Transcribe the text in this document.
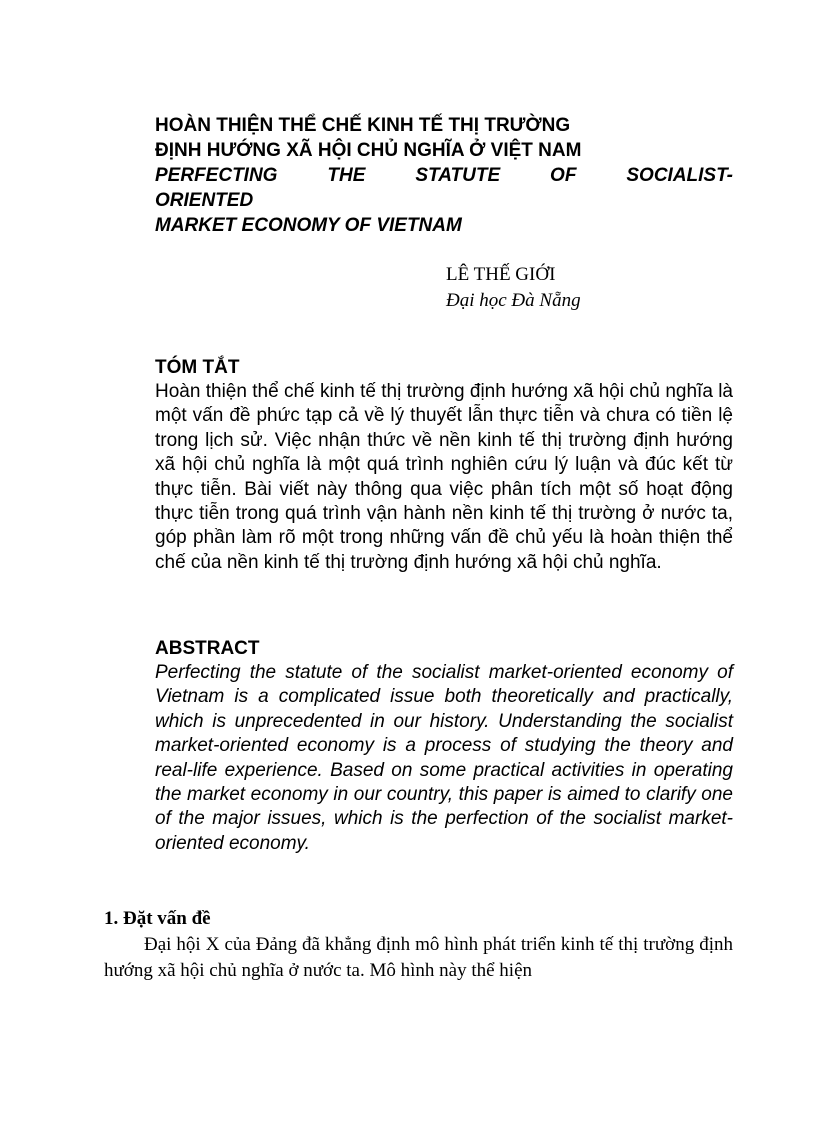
HOÀN THIỆN THỂ CHẾ KINH TẾ THỊ TRƯỜNG
ĐỊNH HƯỚNG XÃ HỘI CHỦ NGHĨA Ở VIỆT NAM
PERFECTING THE STATUTE OF SOCIALIST-
ORIENTED
MARKET ECONOMY OF VIETNAM
LÊ THẾ GIỚI
Đại học Đà Nẵng
TÓM TẮT
Hoàn thiện thể chế kinh tế thị trường định hướng xã hội chủ nghĩa là một vấn đề phức tạp cả về lý thuyết lẫn thực tiễn và chưa có tiền lệ trong lịch sử. Việc nhận thức về nền kinh tế thị trường định hướng xã hội chủ nghĩa là một quá trình nghiên cứu lý luận và đúc kết từ thực tiễn. Bài viết này thông qua việc phân tích một số hoạt động thực tiễn trong quá trình vận hành nền kinh tế thị trường ở nước ta, góp phần làm rõ một trong những vấn đề chủ yếu là hoàn thiện thể chế của nền kinh tế thị trường định hướng xã hội chủ nghĩa.
ABSTRACT
Perfecting the statute of the socialist market-oriented economy of Vietnam is a complicated issue both theoretically and practically, which is unprecedented in our history. Understanding the socialist market-oriented economy is a process of studying the theory and real-life experience. Based on some practical activities in operating the market economy in our country, this paper is aimed to clarify one of the major issues, which is the perfection of the socialist market-oriented economy.
1. Đặt vấn đề
Đại hội X của Đảng đã khẳng định mô hình phát triển kinh tế thị trường định hướng xã hội chủ nghĩa ở nước ta. Mô hình này thể hiện
